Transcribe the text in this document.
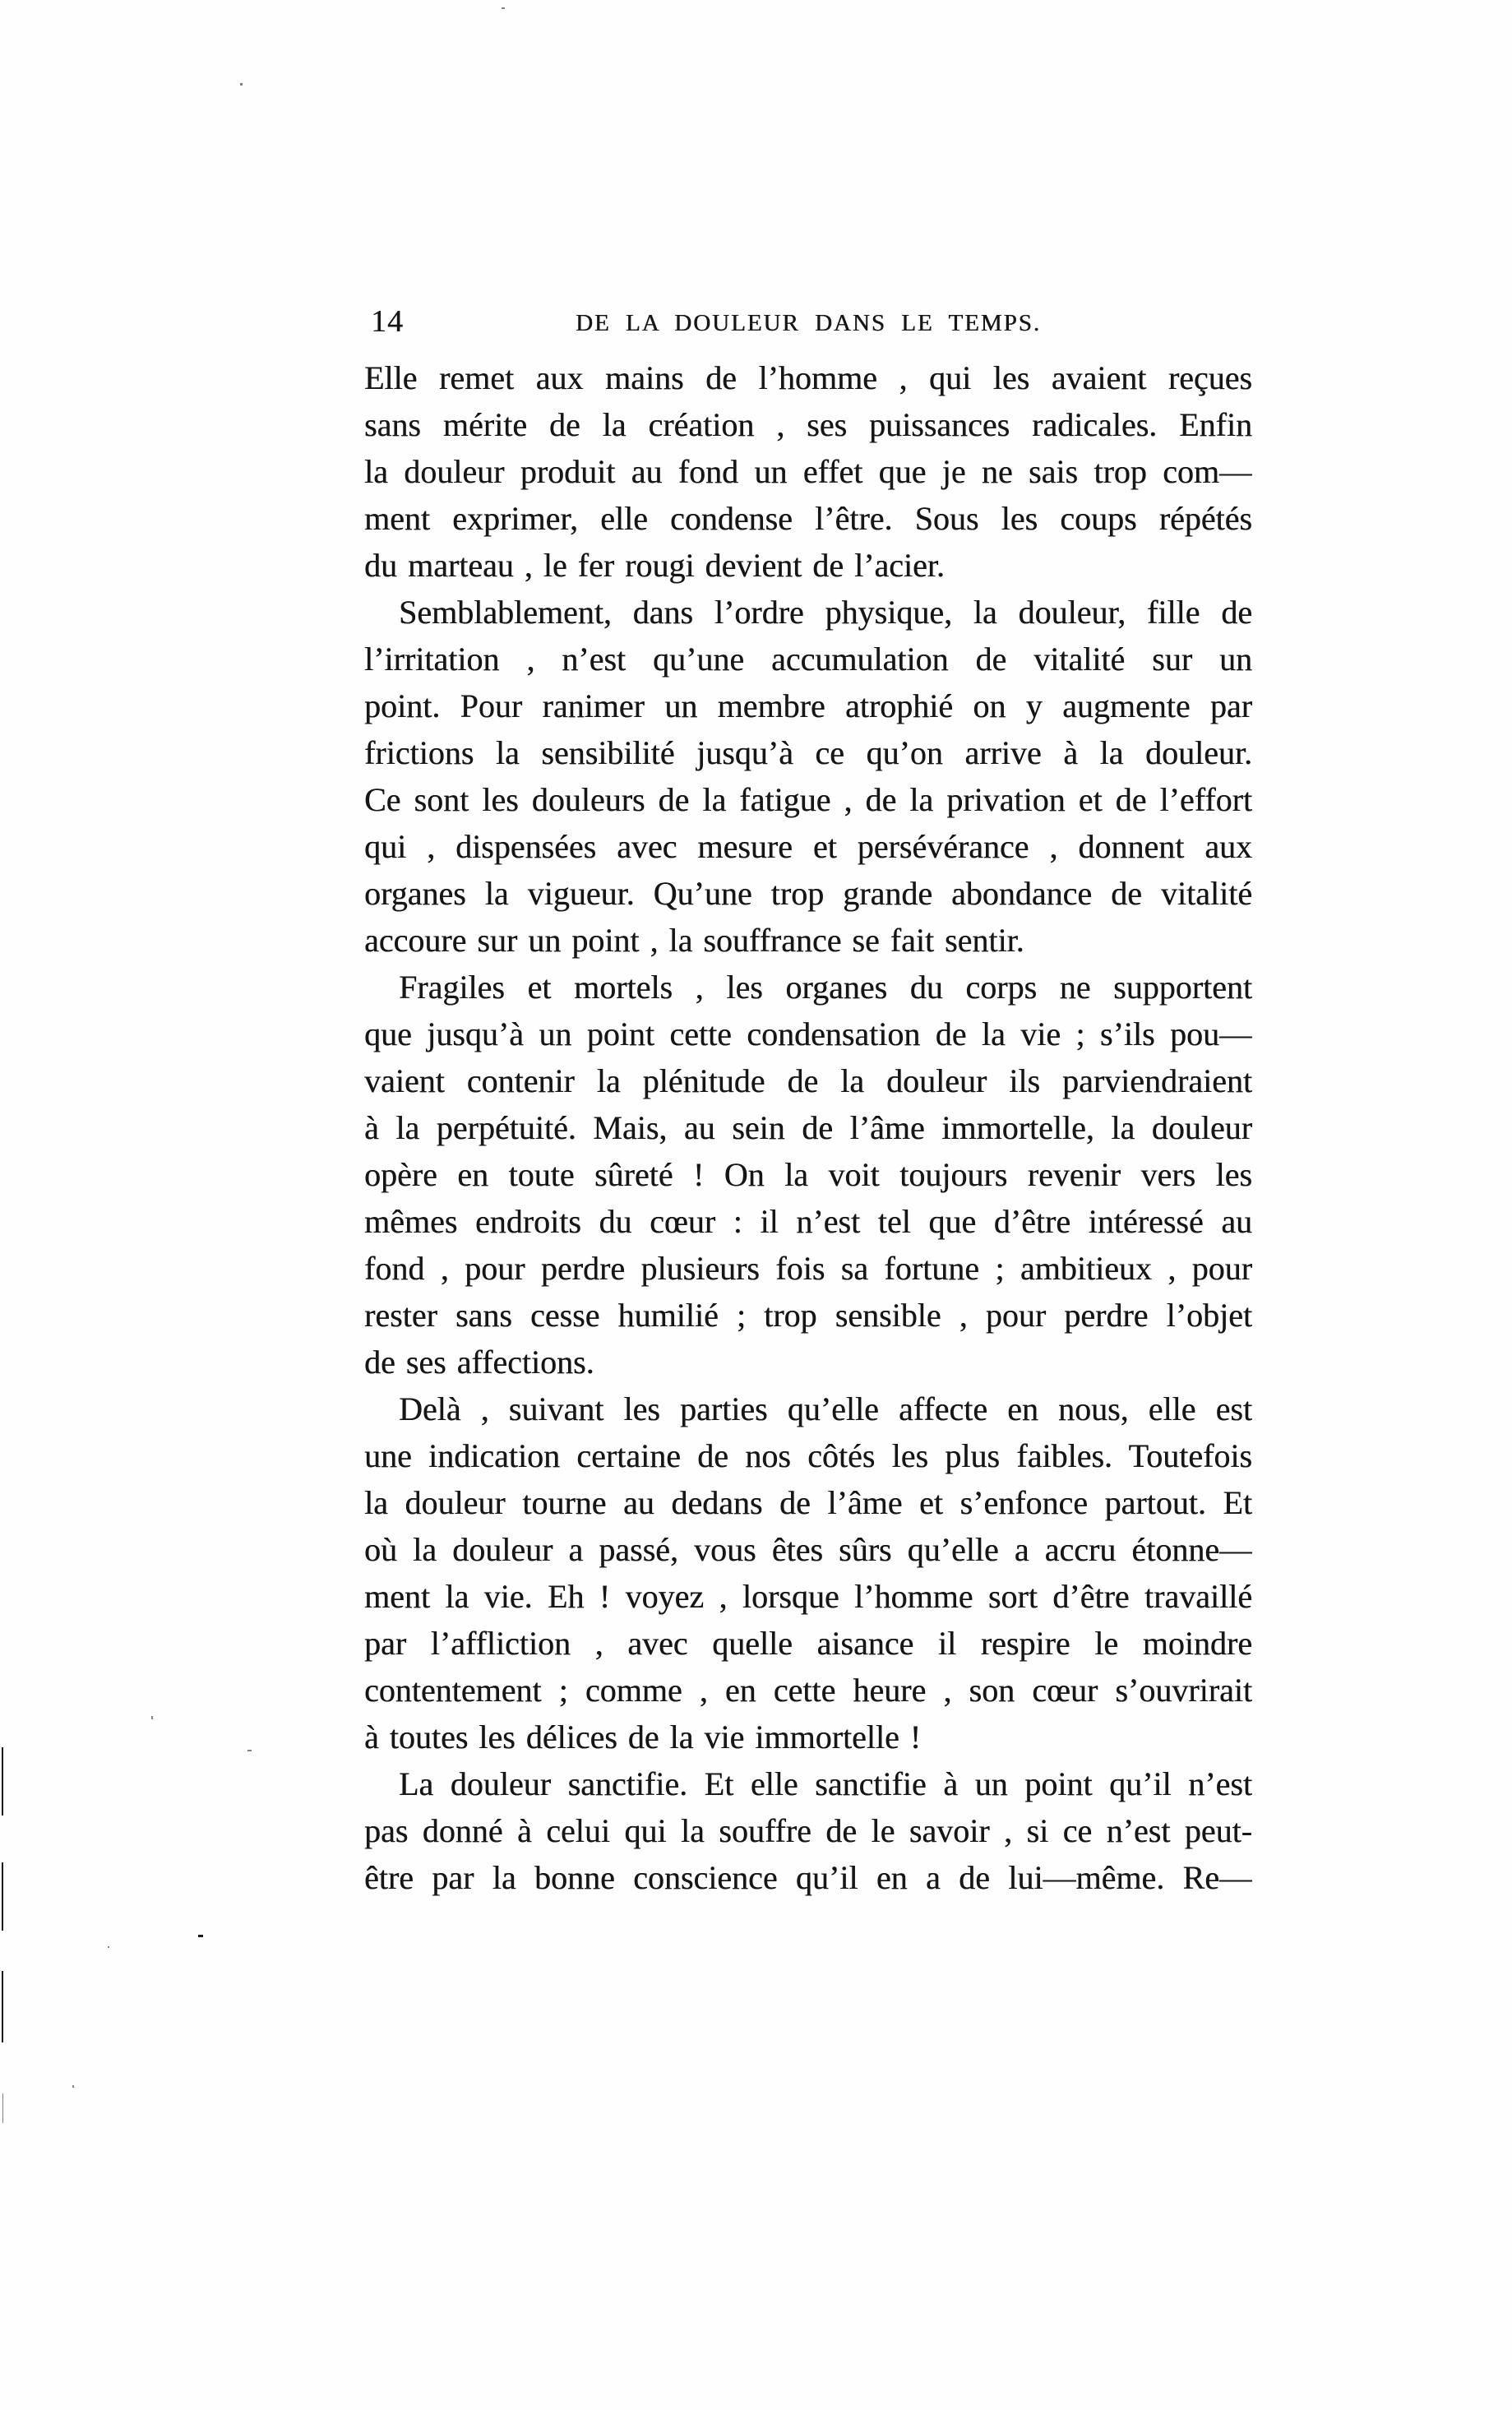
14	DE LA DOULEUR DANS LE TEMPS.
Elle remet aux mains de l’homme , qui les avaient reçues
sans mérite de la création , ses puissances radicales. Enfin
la douleur produit au fond un effet que je ne sais trop com—
ment exprimer, elle condense l’être. Sous les coups répétés
du marteau , le fer rougi devient de l’acier.
Semblablement, dans l’ordre physique, la douleur, fille de
l’irritation , n’est qu’une accumulation de vitalité sur un
point. Pour ranimer un membre atrophié on y augmente par
frictions la sensibilité jusqu’à ce qu’on arrive à la douleur.
Ce sont les douleurs de la fatigue , de la privation et de l’effort
qui , dispensées avec mesure et persévérance , donnent aux
organes la vigueur. Qu’une trop grande abondance de vitalité
accoure sur un point , la souffrance se fait sentir.
Fragiles et mortels , les organes du corps ne supportent
que jusqu’à un point cette condensation de la vie ; s’ils pou—
vaient contenir la plénitude de la douleur ils parviendraient
à la perpétuité. Mais, au sein de l’âme immortelle, la douleur
opère en toute sûreté ! On la voit toujours revenir vers les
mêmes endroits du cœur : il n’est tel que d’être intéressé au
fond , pour perdre plusieurs fois sa fortune ; ambitieux , pour
rester sans cesse humilié ; trop sensible , pour perdre l’objet
de ses affections.
Delà , suivant les parties qu’elle affecte en nous, elle est
une indication certaine de nos côtés les plus faibles. Toutefois
la douleur tourne au dedans de l’âme et s’enfonce partout. Et
où la douleur a passé, vous êtes sûrs qu’elle a accru étonne—
ment la vie. Eh ! voyez , lorsque l’homme sort d’être travaillé
par l’affliction , avec quelle aisance il respire le moindre
contentement ; comme , en cette heure , son cœur s’ouvrirait
à toutes les délices de la vie immortelle !
La douleur sanctifie. Et elle sanctifie à un point qu’il n’est
pas donné à celui qui la souffre de le savoir , si ce n’est peut-
être par la bonne conscience qu’il en a de lui—même. Re—
